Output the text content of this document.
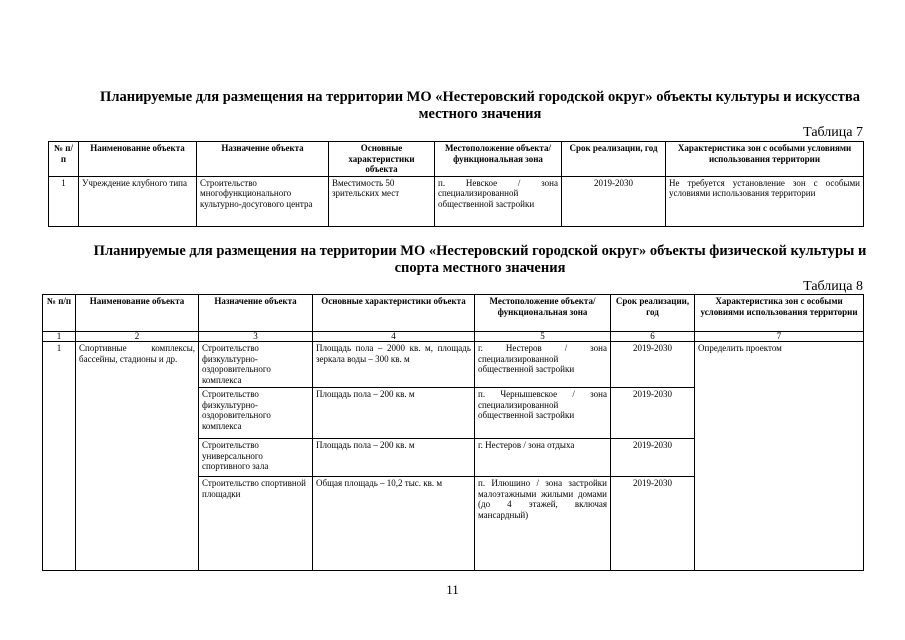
Планируемые для размещения на территории МО «Нестеровский городской округ» объекты культуры и искусства местного значения
Таблица 7
№ п/п	Наименование объекта	Назначение объекта	Основные характеристики объекта	Местоположение объекта/ функциональная зона	Срок реализации, год	Характеристика зон с особыми условиями использования территории
1	Учреждение клубного типа	Строительство многофункционального культурно-досугового центра	Вместимость 50 зрительских мест	п. Невское / зона специализированной общественной застройки	2019-2030	Не требуется установление зон с особыми условиями использования территории
Планируемые для размещения на территории МО «Нестеровский городской округ» объекты физической культуры и спорта местного значения
Таблица 8
№ п/п	Наименование объекта	Назначение объекта	Основные характеристики объекта	Местоположение объекта/ функциональная зона	Срок реализации, год	Характеристика зон с особыми условиями использования территории
1	2	3	4	5	6	7
1	Спортивные комплексы, бассейны, стадионы и др.	Строительство физкультурно-оздоровительного комплекса	Площадь пола – 2000 кв. м, площадь зеркала воды – 300 кв. м	г. Нестеров / зона специализированной общественной застройки	2019-2030	Определить проектом
		Строительство физкультурно-оздоровительного комплекса	Площадь пола – 200 кв. м	п. Чернышевское / зона специализированной общественной застройки	2019-2030	
		Строительство универсального спортивного зала	Площадь пола – 200 кв. м	г. Нестеров / зона отдыха	2019-2030	
		Строительство спортивной площадки	Общая площадь – 10,2 тыс. кв. м	п. Илюшино / зона застройки малоэтажными жилыми домами (до 4 этажей, включая мансардный)	2019-2030	
11
